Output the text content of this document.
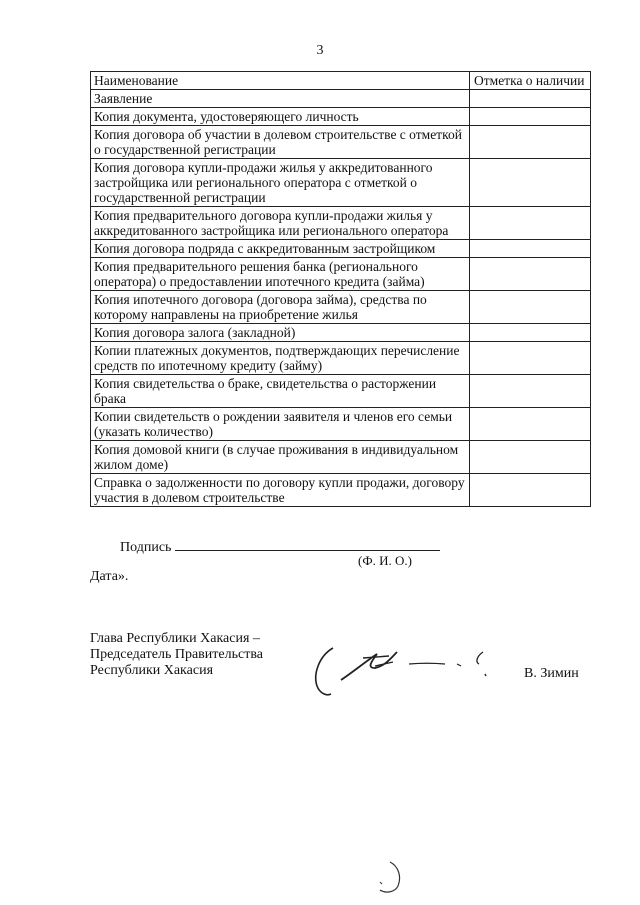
3
Наименование	Отметка о наличии
Заявление	
Копия документа, удостоверяющего личность	
Копия договора об участии в долевом строительстве с отметкой о государственной регистрации	
Копия договора купли-продажи жилья у аккредитованного застройщика или регионального оператора с отметкой о государственной регистрации	
Копия предварительного договора купли-продажи жилья у аккредитованного застройщика или регионального оператора	
Копия договора подряда с аккредитованным застройщиком	
Копия предварительного решения банка (регионального оператора) о предоставлении ипотечного кредита (займа)	
Копия ипотечного договора (договора займа), средства по которому направлены на приобретение жилья	
Копия договора залога (закладной)	
Копии платежных документов, подтверждающих перечисление средств по ипотечному кредиту (займу)	
Копия свидетельства о браке, свидетельства о расторжении брака	
Копии свидетельств о рождении заявителя и членов его семьи (указать количество)	
Копия домовой книги (в случае проживания в индивидуальном жилом доме)	
Справка о задолженности по договору купли продажи, договору участия в долевом строительстве	
Подпись
(Ф. И. О.)
Дата».
Глава Республики Хакасия –
Председатель Правительства
Республики Хакасия	В. Зимин
